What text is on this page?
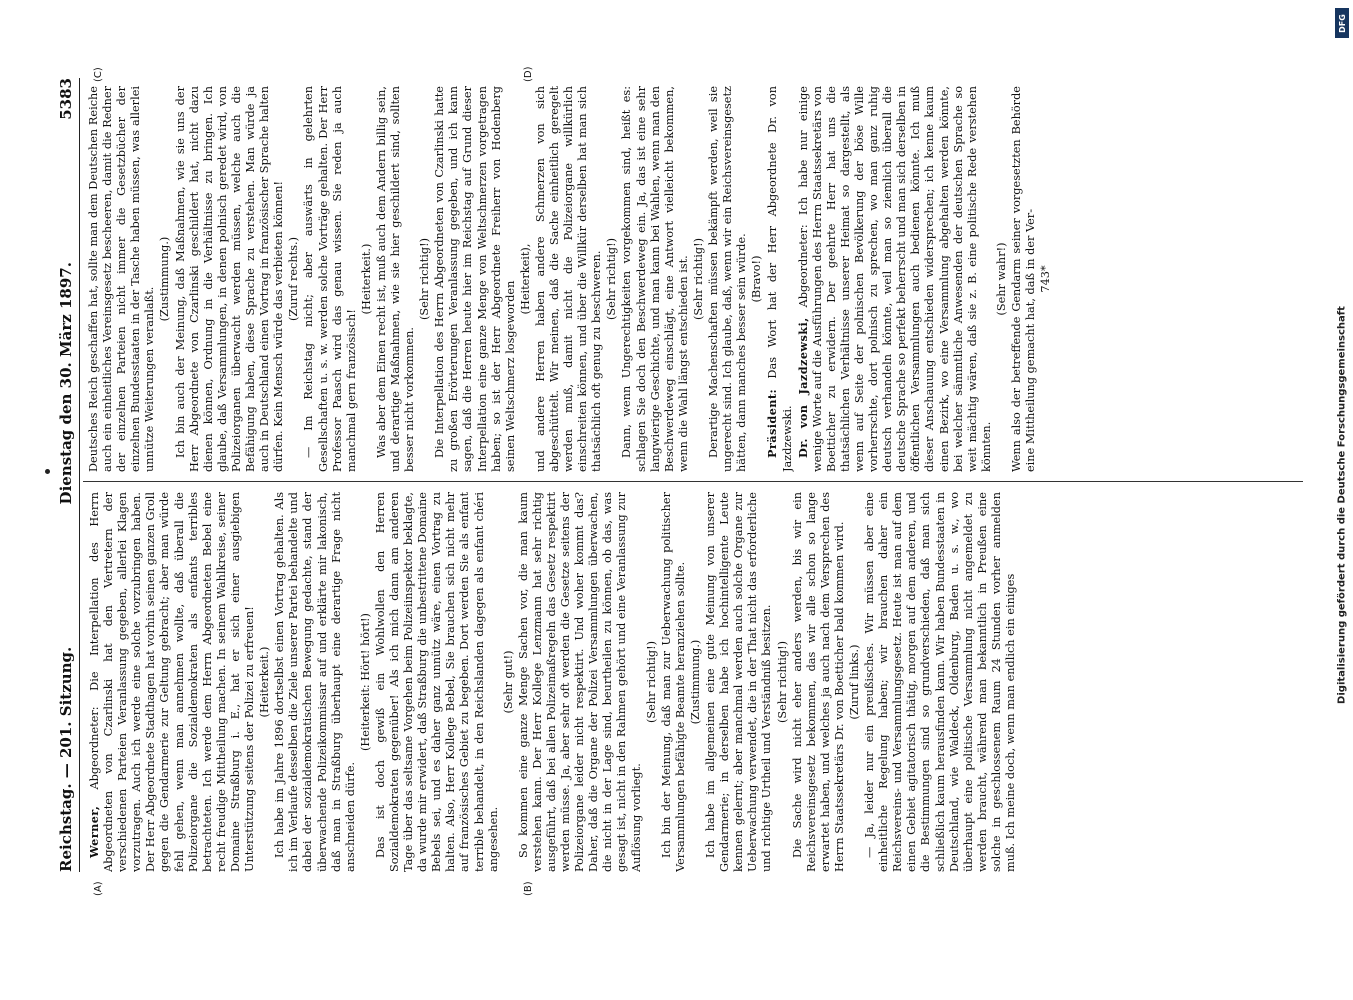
Reichstag. — 201. Sitzung.
Dienstag den 30. März 1897.
5383
(A)	(B)
(C)	(D)

Werner, Abgeordneter: Die Interpellation des Herrn Abgeordneten von Czarlinski hat den Vertretern der verschiedenen Parteien Veranlassung gegeben, allerlei Klagen vorzutragen. Auch ich werde eine solche vorzubringen haben. Der Herr Abgeordnete Stadthagen hat vorhin seinen ganzen Groll gegen die Gendarmerie zur Geltung gebracht; aber man würde fehl gehen, wenn man annehmen wollte, daß überall die Polizeiorgane die Sozialdemokraten als enfants terribles betrachteten. Ich werde dem Herrn Abgeordneten Bebel eine recht freudige Mittheilung machen. In seinem Wahlkreise, seiner Domaine Straßburg i. E., hat er sich einer ausgiebigen Unterstützung seitens der Polizei zu erfreuen! (Heiterkeit.) Ich habe im Jahre 1896 dortselbst einen Vortrag gehalten. Als ich im Verlaufe desselben die Ziele unserer Partei behandelte und dabei der sozialdemokratischen Bewegung gedachte, stand der überwachende Polizeikommissar auf und erklärte mir lakonisch, daß man in Straßburg überhaupt eine derartige Frage nicht anschneiden dürfe.

(Heiterkeit: Hört! hört!) Das ist doch gewiß ein Wohlwollen den Herren Sozialdemokraten gegenüber! Als ich mich dann am anderen Tage über das seltsame Vorgehen beim Polizeiinspektor beklagte, da wurde mir erwidert, daß Straßburg die unbestrittene Domaine Bebels sei, und es daher ganz unnütz wäre, einen Vortrag zu halten. Also, Herr Kollege Bebel, Sie brauchen sich nicht mehr auf französisches Gebiet zu begeben. Dort werden Sie als enfant terrible behandelt, in den Reichslanden dagegen als enfant chéri angesehen.

(Sehr gut!) So kommen eine ganze Menge Sachen vor, die man kaum verstehen kann. Der Herr Kollege Lenzmann hat sehr richtig ausgeführt, daß bei allen Polizeimaßregeln das Gesetz respektirt werden müsse. Ja, aber sehr oft werden die Gesetze seitens der Polizeiorgane leider nicht respektirt. Und woher kommt das? Daher, daß die Organe der Polizei Versammlungen überwachen, die nicht in der Lage sind, beurtheilen zu können, ob das, was gesagt ist, nicht in den Rahmen gehört und eine Veranlassung zur Auflösung vorliegt.

(Sehr richtig!) Ich bin der Meinung, daß man zur Ueberwachung politischer Versammlungen befähigte Beamte heranziehen sollte. (Zustimmung.) Ich habe im allgemeinen eine gute Meinung von unserer Gendarmerie; in derselben habe ich hochintelligente Leute kennen gelernt; aber manchmal werden auch solche Organe zur Ueberwachung verwendet, die in der That nicht das erforderliche und richtige Urtheil und Verständniß besitzen. (Sehr richtig!) Die Sache wird nicht eher anders werden, bis wir ein Reichsvereinsgesetz bekommen, das wir alle schon so lange erwartet haben, und welches ja auch nach dem Versprechen des Herrn Staatssekretärs Dr. von Boetticher bald kommen wird. (Zuruf links.) — Ja, leider nur ein preußisches. Wir müssen aber eine einheitliche Regelung haben; wir brauchen daher ein Reichsvereins- und Versammlungsgesetz. Heute ist man auf dem einen Gebiet agitatorisch thätig, morgen auf dem anderen, und die Bestimmungen sind so grundverschieden, daß man sich schließlich kaum herausfinden kann. Wir haben Bundesstaaten in Deutschland, wie Waldeck, Oldenburg, Baden u. s. w., wo überhaupt eine politische Versammlung nicht angemeldet zu werden braucht, während man bekanntlich in Preußen eine solche in geschlossenem Raum 24 Stunden vorher anmelden muß. Ich meine doch, wenn man endlich ein einiges

Deutsches Reich geschaffen hat, sollte man dem Deutschen Reiche auch ein einheitliches Vereinsgesetz bescheeren, damit die Redner der einzelnen Parteien nicht immer die Gesetzbücher der einzelnen Bundesstaaten in der Tasche haben müssen, was allerlei unnütze Weiterungen veranlaßt.

(Zustimmung.) Ich bin auch der Meinung, daß Maßnahmen, wie sie uns der Herr Abgeordnete von Czarlinski geschildert hat, nicht dazu dienen können, Ordnung in die Verhältnisse zu bringen. Ich glaube, daß Versammlungen, in denen polnisch geredet wird, von Polizeiorganen überwacht werden müssen, welche auch die Befähigung haben, diese Sprache zu verstehen. Man würde ja auch in Deutschland einen Vortrag in französischer Sprache halten dürfen. Kein Mensch würde das verbieten können! (Zuruf rechts.) — Im Reichstag nicht; aber auswärts in gelehrten Gesellschaften u. s. w. werden solche Vorträge gehalten. Der Herr Professor Paasch wird das genau wissen. Sie reden ja auch manchmal gern französisch!

(Heiterkeit.) Was aber dem Einen recht ist, muß auch dem Andern billig sein, und derartige Maßnahmen, wie sie hier geschildert sind, sollten besser nicht vorkommen.

(Sehr richtig!) Die Interpellation des Herrn Abgeordneten von Czarlinski hatte zu großen Erörterungen Veranlassung gegeben, und ich kann sagen, daß die Herren heute hier im Reichstag auf Grund dieser Interpellation eine ganze Menge von Weltschmerzen vorgetragen haben; so ist der Herr Abgeordnete Freiherr von Hodenberg seinen Weltschmerz losgeworden

(Heiterkeit), und andere Herren haben andere Schmerzen von sich abgeschüttelt. Wir meinen, daß die Sache einheitlich geregelt werden muß, damit nicht die Polizeiorgane willkürlich einschreiten können, und über die Willkür derselben hat man sich thatsächlich oft genug zu beschweren. (Sehr richtig!) Dann, wenn Ungerechtigkeiten vorgekommen sind, heißt es: schlagen Sie doch den Beschwerdeweg ein. Ja, das ist eine sehr langwierige Geschichte, und man kann bei Wahlen, wenn man den Beschwerdeweg einschlägt, eine Antwort vielleicht bekommen, wenn die Wahl längst entschieden ist. (Sehr richtig!) Derartige Machenschaften müssen bekämpft werden, weil sie ungerecht sind. Ich glaube, daß, wenn wir ein Reichsvereinsgesetz hätten, dann manches besser sein würde. (Bravo!)

Präsident: Das Wort hat der Herr Abgeordnete Dr. von Jazdzewski. Dr. von Jazdzewski, Abgeordneter: Ich habe nur einige wenige Worte auf die Ausführungen des Herrn Staatssekretärs von Boetticher zu erwidern. Der geehrte Herr hat uns die thatsächlichen Verhältnisse unserer Heimat so dargestellt, als wenn auf Seite der polnischen Bevölkerung der böse Wille vorherrschte, dort polnisch zu sprechen, wo man ganz ruhig deutsch verhandeln könnte, weil man so ziemlich überall die deutsche Sprache so perfekt beherrscht und man sich derselben in öffentlichen Versammlungen auch bedienen könnte. Ich muß dieser Anschauung entschieden widersprechen; ich kenne kaum einen Bezirk, wo eine Versammlung abgehalten werden könnte, bei welcher sämmtliche Anwesenden der deutschen Sprache so weit mächtig wären, daß sie z. B. eine politische Rede verstehen könnten.

(Sehr wahr!) Wenn also der betreffende Gendarm seiner vorgesetzten Behörde eine Mittheilung gemacht hat, daß in der Ver- 743*

DFG
Digitalisierung gefördert durch die Deutsche Forschungsgemeinschaft
